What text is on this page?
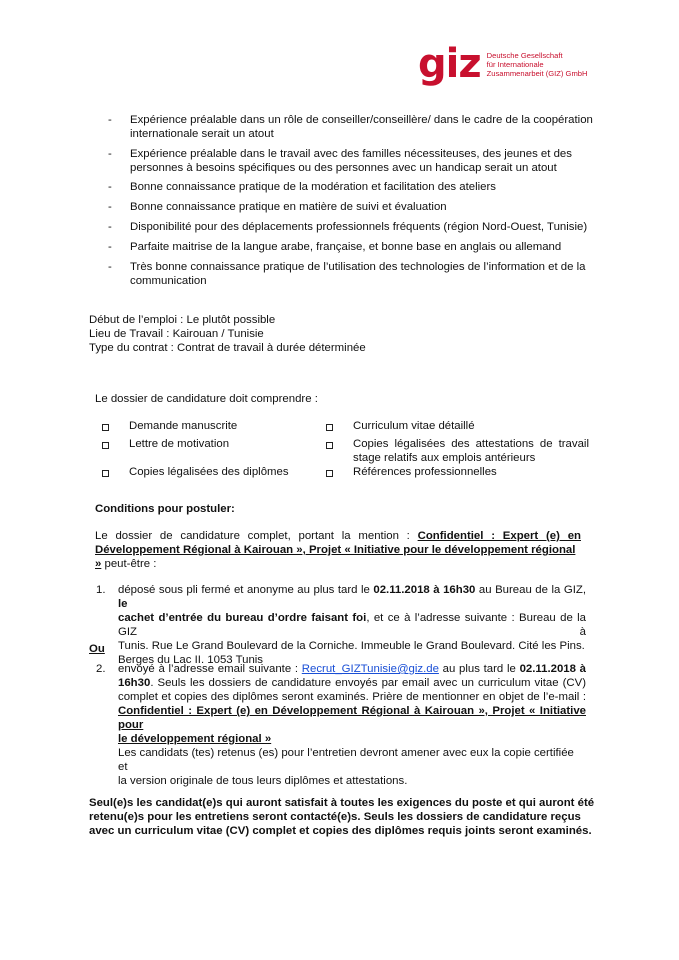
giz Deutsche Gesellschaft
für Internationale
Zusammenarbeit (GIZ) GmbH
- Expérience préalable dans un rôle de conseiller/conseillère/ dans le cadre de la coopération
internationale serait un atout
- Expérience préalable dans le travail avec des familles nécessiteuses, des jeunes et des
personnes à besoins spécifiques ou des personnes avec un handicap serait un atout
- Bonne connaissance pratique de la modération et facilitation des ateliers
- Bonne connaissance pratique en matière de suivi et évaluation
- Disponibilité pour des déplacements professionnels fréquents (région Nord-Ouest, Tunisie)
- Parfaite maitrise de la langue arabe, française, et bonne base en anglais ou allemand
- Très bonne connaissance pratique de l’utilisation des technologies de l’information et de la
communication
Début de l’emploi : Le plutôt possible
Lieu de Travail : Kairouan / Tunisie
Type du contrat : Contrat de travail à durée déterminée
Le dossier de candidature doit comprendre :
Demande manuscrite
Lettre de motivation
Copies légalisées des diplômes
Curriculum vitae détaillé
Copies légalisées des attestations de travail stage relatifs aux emplois antérieurs
Références professionnelles
Conditions pour postuler:
Le dossier de candidature complet, portant la mention : Confidentiel : Expert (e) en
Développement Régional à Kairouan », Projet « Initiative pour le développement régional
» peut-être :
1. déposé sous pli fermé et anonyme au plus tard le 02.11.2018 à 16h30 au Bureau de la GIZ, le
cachet d’entrée du bureau d’ordre faisant foi, et ce à l’adresse suivante : Bureau de la GIZ à
Tunis. Rue Le Grand Boulevard de la Corniche. Immeuble le Grand Boulevard. Cité les Pins.
Berges du Lac II. 1053 Tunis
Ou
2. envoyé à l’adresse email suivante : Recrut_GIZTunisie@giz.de au plus tard le 02.11.2018 à
16h30. Seuls les dossiers de candidature envoyés par email avec un curriculum vitae (CV)
complet et copies des diplômes seront examinés. Prière de mentionner en objet de l’e-mail :
Confidentiel : Expert (e) en Développement Régional à Kairouan », Projet « Initiative pour
le développement régional »
Les candidats (tes) retenus (es) pour l’entretien devront amener avec eux la copie certifiée et
la version originale de tous leurs diplômes et attestations.
Seul(e)s les candidat(e)s qui auront satisfait à toutes les exigences du poste et qui auront été
retenu(e)s pour les entretiens seront contacté(e)s. Seuls les dossiers de candidature reçus
avec un curriculum vitae (CV) complet et copies des diplômes requis joints seront examinés.
